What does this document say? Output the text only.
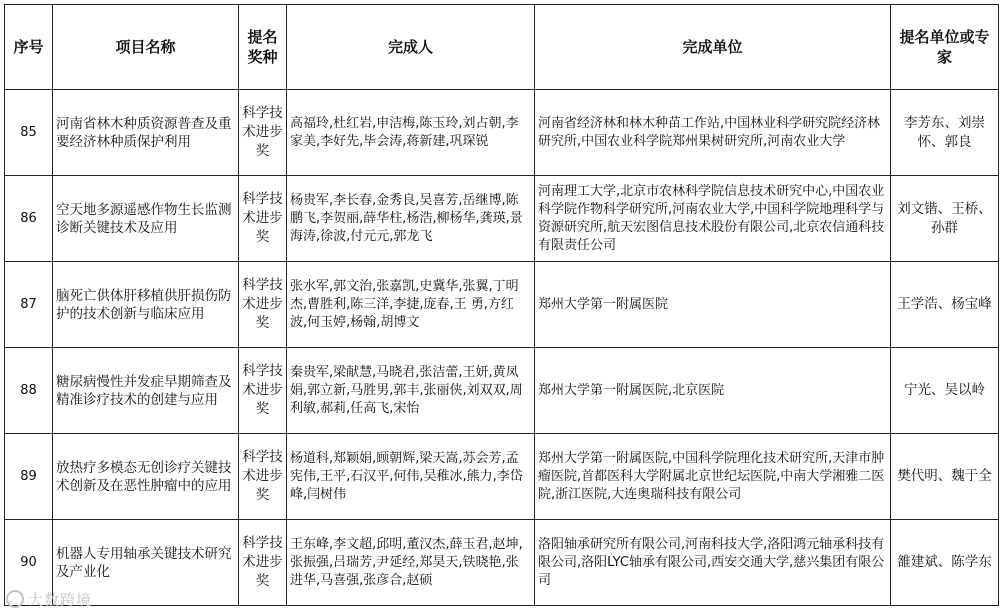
序号	项目名称	提名奖种	完成人	完成单位	提名单位或专家
85	河南省林木种质资源普查及重要经济林种质保护利用	科学技术进步奖	高福玲,杜红岩,申洁梅,陈玉玲,刘占朝,李家美,李好先,毕会涛,蒋新建,巩琛锐	河南省经济林和林木种苗工作站,中国林业科学研究院经济林研究所,中国农业科学院郑州果树研究所,河南农业大学	李芳东、刘崇怀、郭良
86	空天地多源遥感作物生长监测诊断关键技术及应用	科学技术进步奖	杨贵军,李长春,金秀良,吴喜芳,岳继博,陈鹏飞,李贺丽,薛华柱,杨浩,柳杨华,龚瑛,景海涛,徐波,付元元,郭龙飞	河南理工大学,北京市农林科学院信息技术研究中心,中国农业科学院作物科学研究所,河南农业大学,中国科学院地理科学与资源研究所,航天宏图信息技术股份有限公司,北京农信通科技有限责任公司	刘文锴、王桥、孙群
87	脑死亡供体肝移植供肝损伤防护的技术创新与临床应用	科学技术进步奖	张水军,郭文治,张嘉凯,史冀华,张翼,丁明杰,曹胜利,陈三洋,李捷,庞春,王 勇,方红波,何玉婷,杨翰,胡博文	郑州大学第一附属医院	王学浩、杨宝峰
88	糖尿病慢性并发症早期筛查及精准诊疗技术的创建与应用	科学技术进步奖	秦贵军,梁献慧,马晓君,张洁蕾,王妍,黄凤娟,郭立新,马胜男,郭丰,张丽侠,刘双双,周利敏,郝莉,任高飞,宋怡	郑州大学第一附属医院,北京医院	宁光、吴以岭
89	放热疗多模态无创诊疗关键技术创新及在恶性肿瘤中的应用	科学技术进步奖	杨道科,郑颖娟,顾朝辉,梁天嵩,苏会芳,孟宪伟,王平,石汉平,何伟,吴稚冰,熊力,李岱峰,闫树伟	郑州大学第一附属医院,中国科学院理化技术研究所,天津市肿瘤医院,首都医科大学附属北京世纪坛医院,中南大学湘雅二医院,浙江医院,大连奥瑞科技有限公司	樊代明、魏于全
90	机器人专用轴承关键技术研究及产业化	科学技术进步奖	王东峰,李文超,邱明,董汉杰,薛玉君,赵坤,张振强,吕瑞芳,尹延经,郑昊天,铁晓艳,张进华,马喜强,张彦合,赵硕	洛阳轴承研究所有限公司,河南科技大学,洛阳鸿元轴承科技有限公司,洛阳LYC轴承有限公司,西安交通大学,慈兴集团有限公司	雒建斌、陈学东
大数跨境
